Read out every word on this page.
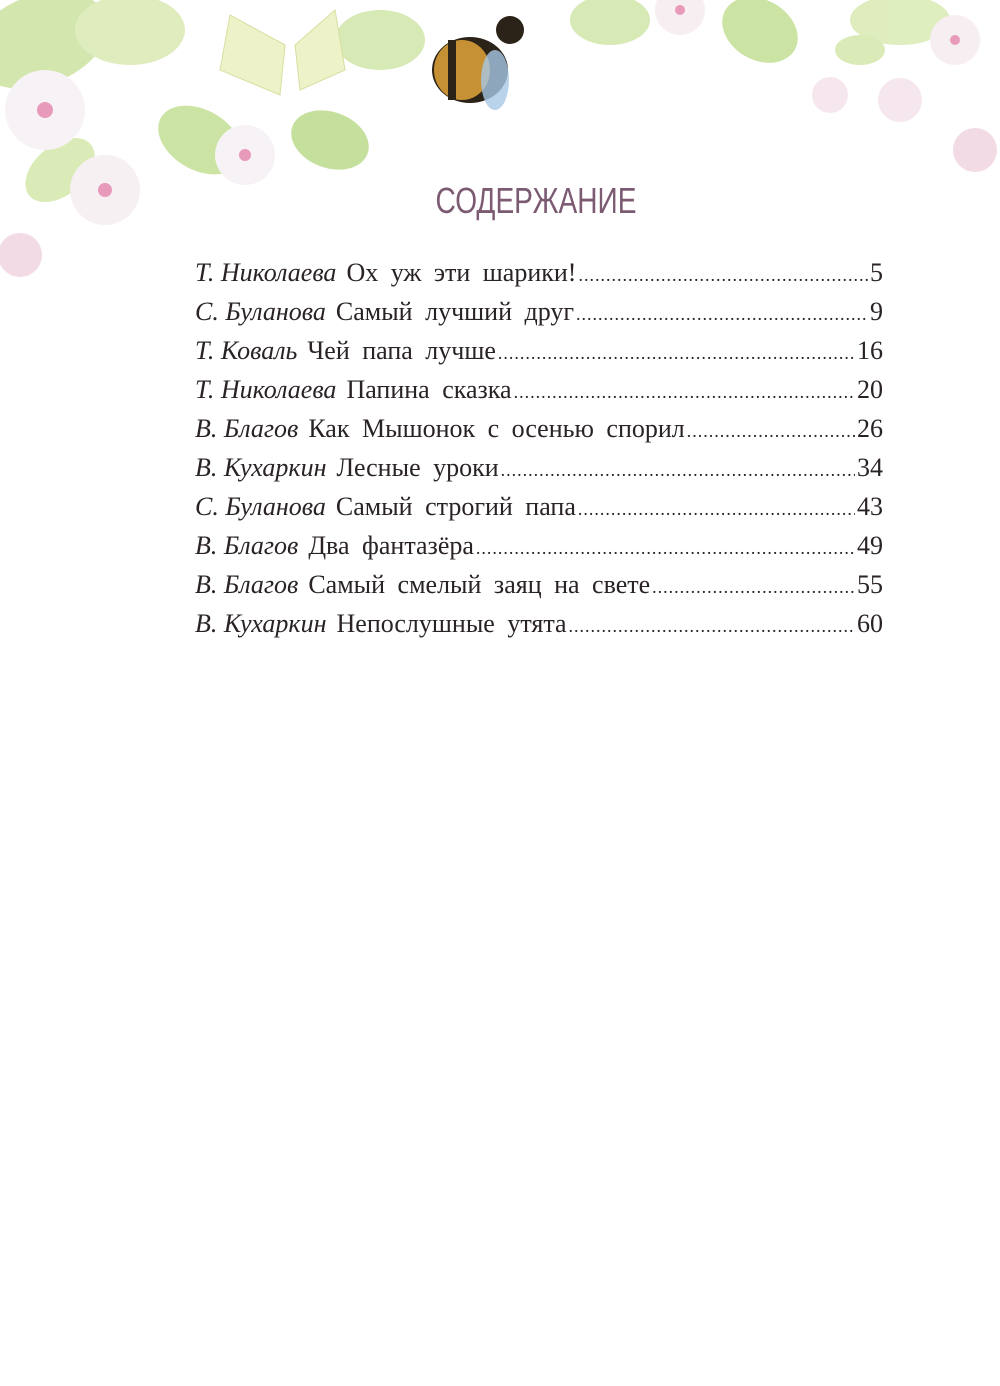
СОДЕРЖАНИЕ
Т. Николаева Ох уж эти шарики! .....	5
С. Буланова Самый лучший друг .....	9
Т. Коваль Чей папа лучше .....	16
Т. Николаева Папина сказка .....	20
В. Благов Как Мышонок с осенью спорил .....	26
В. Кухаркин Лесные уроки .....	34
С. Буланова Самый строгий папа .....	43
В. Благов Два фантазёра .....	49
В. Благов Самый смелый заяц на свете .....	55
В. Кухаркин Непослушные утята .....	60
